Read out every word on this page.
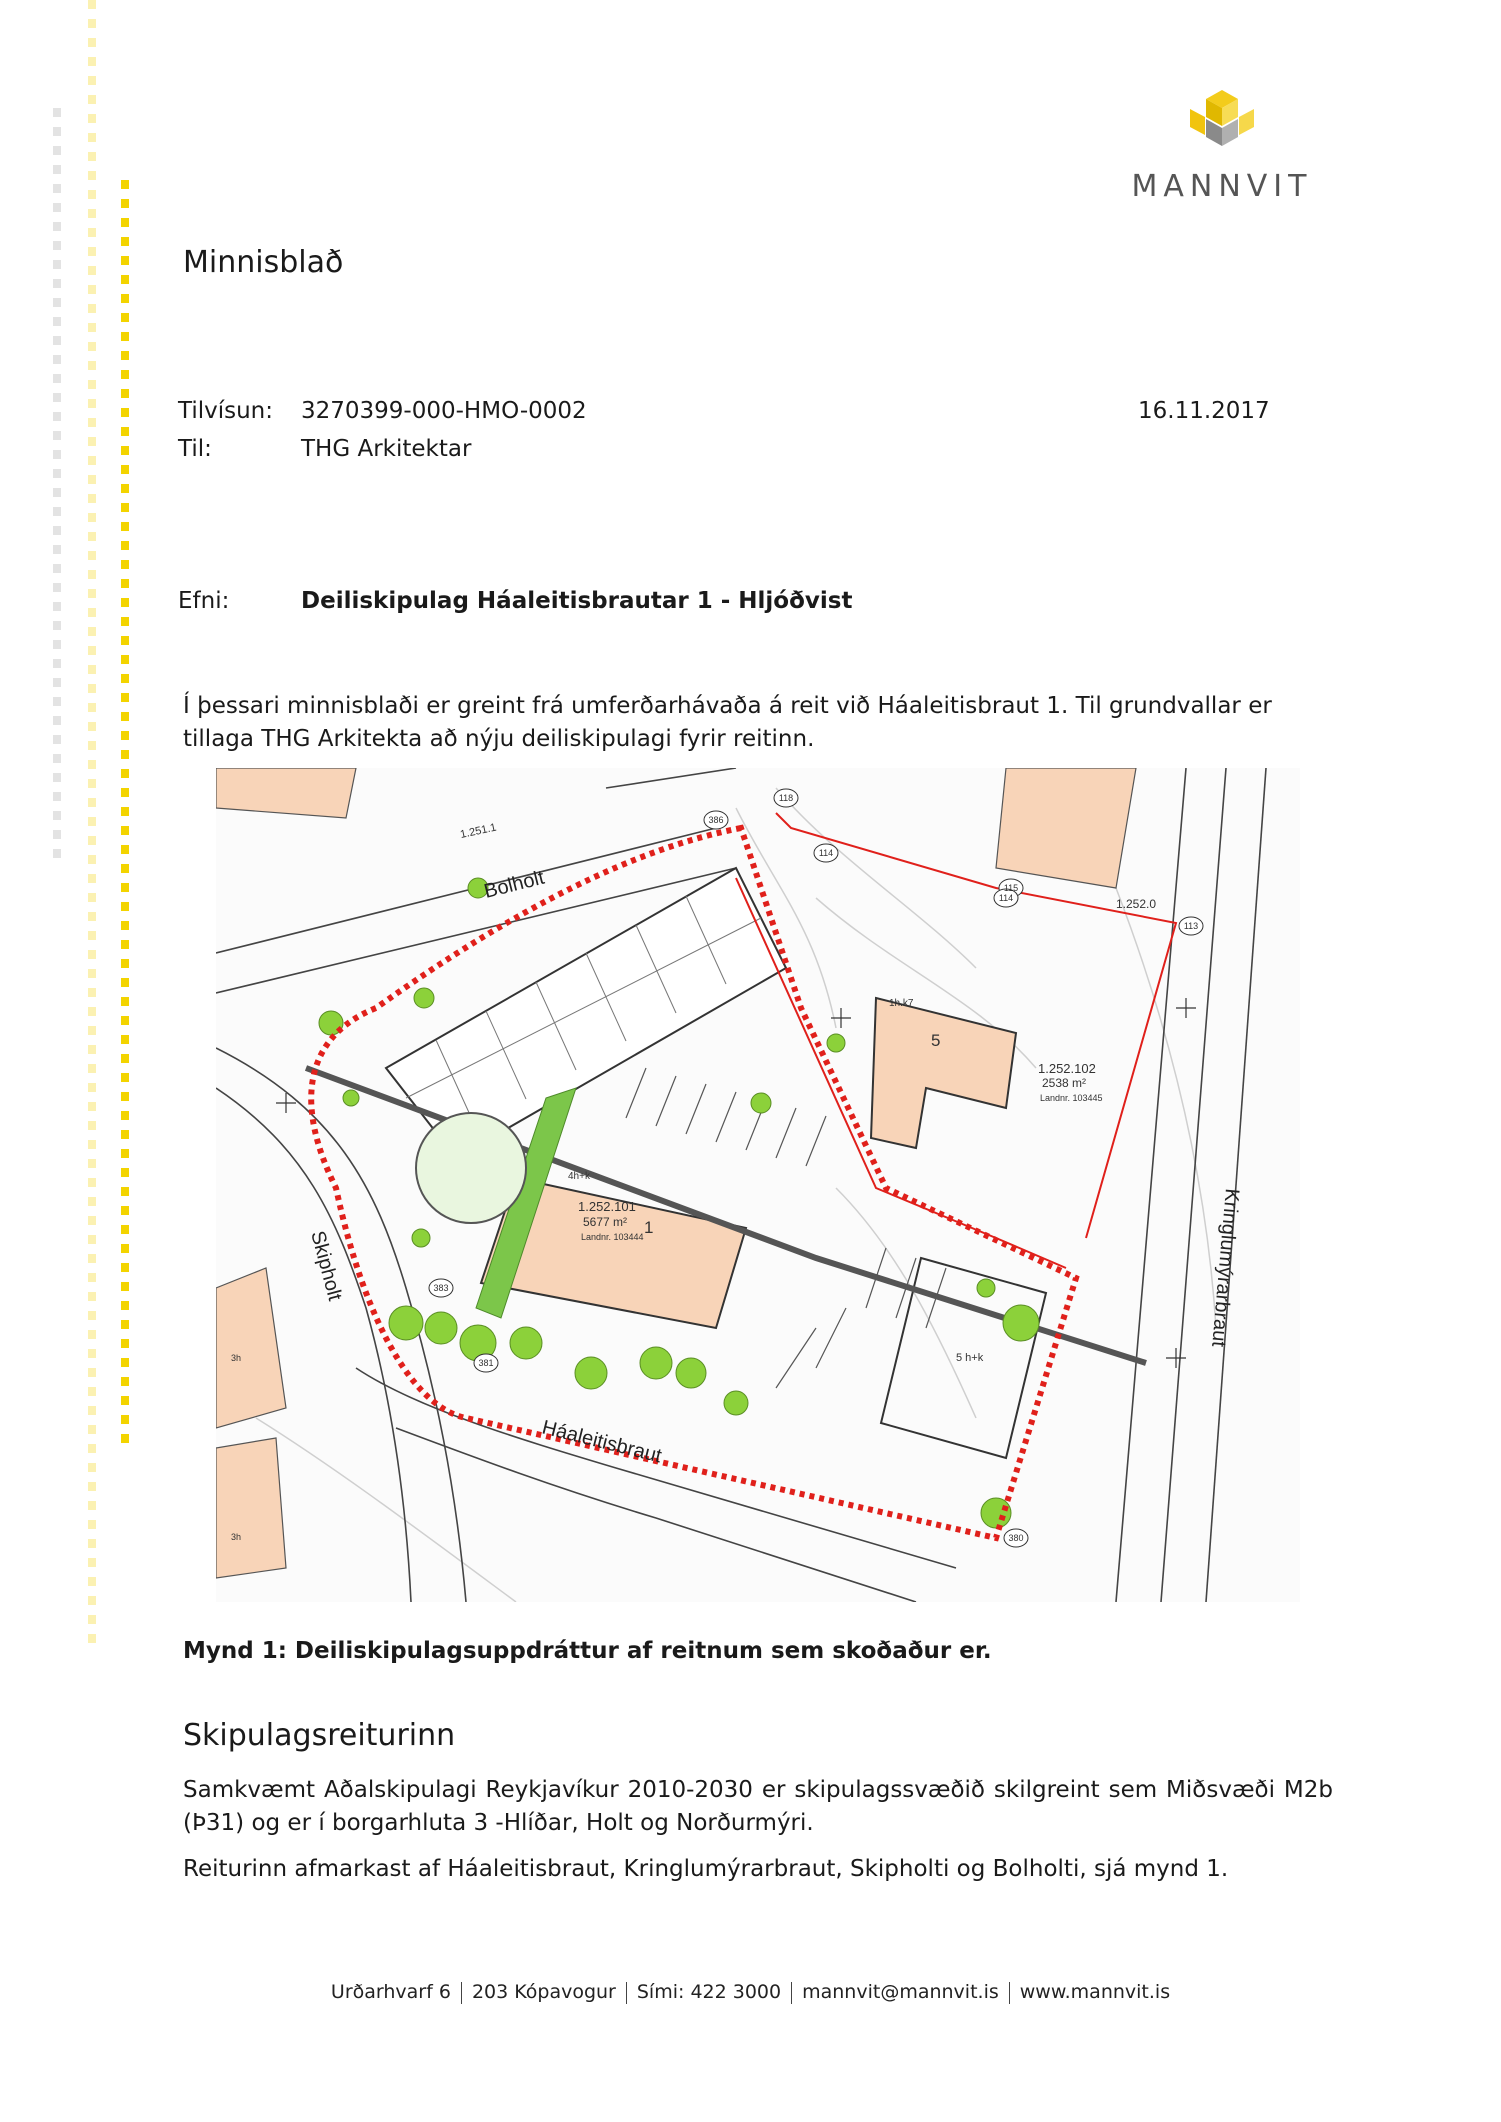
MANNVIT
Minnisblað
Tilvísun: 3270399-000-HMO-0002	16.11.2017
Til:	THG Arkitektar
Efni:	Deiliskipulag Háaleitisbrautar 1 - Hljóðvist
Í þessari minnisblaði er greint frá umferðarhávaða á reit við Háaleitisbraut 1. Til grundvallar er tillaga THG Arkitekta að nýju deiliskipulagi fyrir reitinn.
118
114
115
114
113
386
383
381
380
Bolholt
Skipholt
Háaleitisbraut
Kringlumýrarbraut
1.252.101
5677 m²
Landnr. 103444 1
4h+k
1.252.102
2538 m²
Landnr. 103445
5
1h.k7
5 h+k
1.252.0
1.251.1
3h
3h
Mynd 1: Deiliskipulagsuppdráttur af reitnum sem skoðaður er.
Skipulagsreiturinn
Samkvæmt Aðalskipulagi Reykjavíkur 2010-2030 er skipulagssvæðið skilgreint sem Miðsvæði M2b (Þ31) og er í borgarhluta 3 -Hlíðar, Holt og Norðurmýri.
Reiturinn afmarkast af Háaleitisbraut, Kringlumýrarbraut, Skipholti og Bolholti, sjá mynd 1.
Urðarhvarf 6 203 Kópavogur Sími: 422 3000 mannvit@mannvit.is www.mannvit.is
